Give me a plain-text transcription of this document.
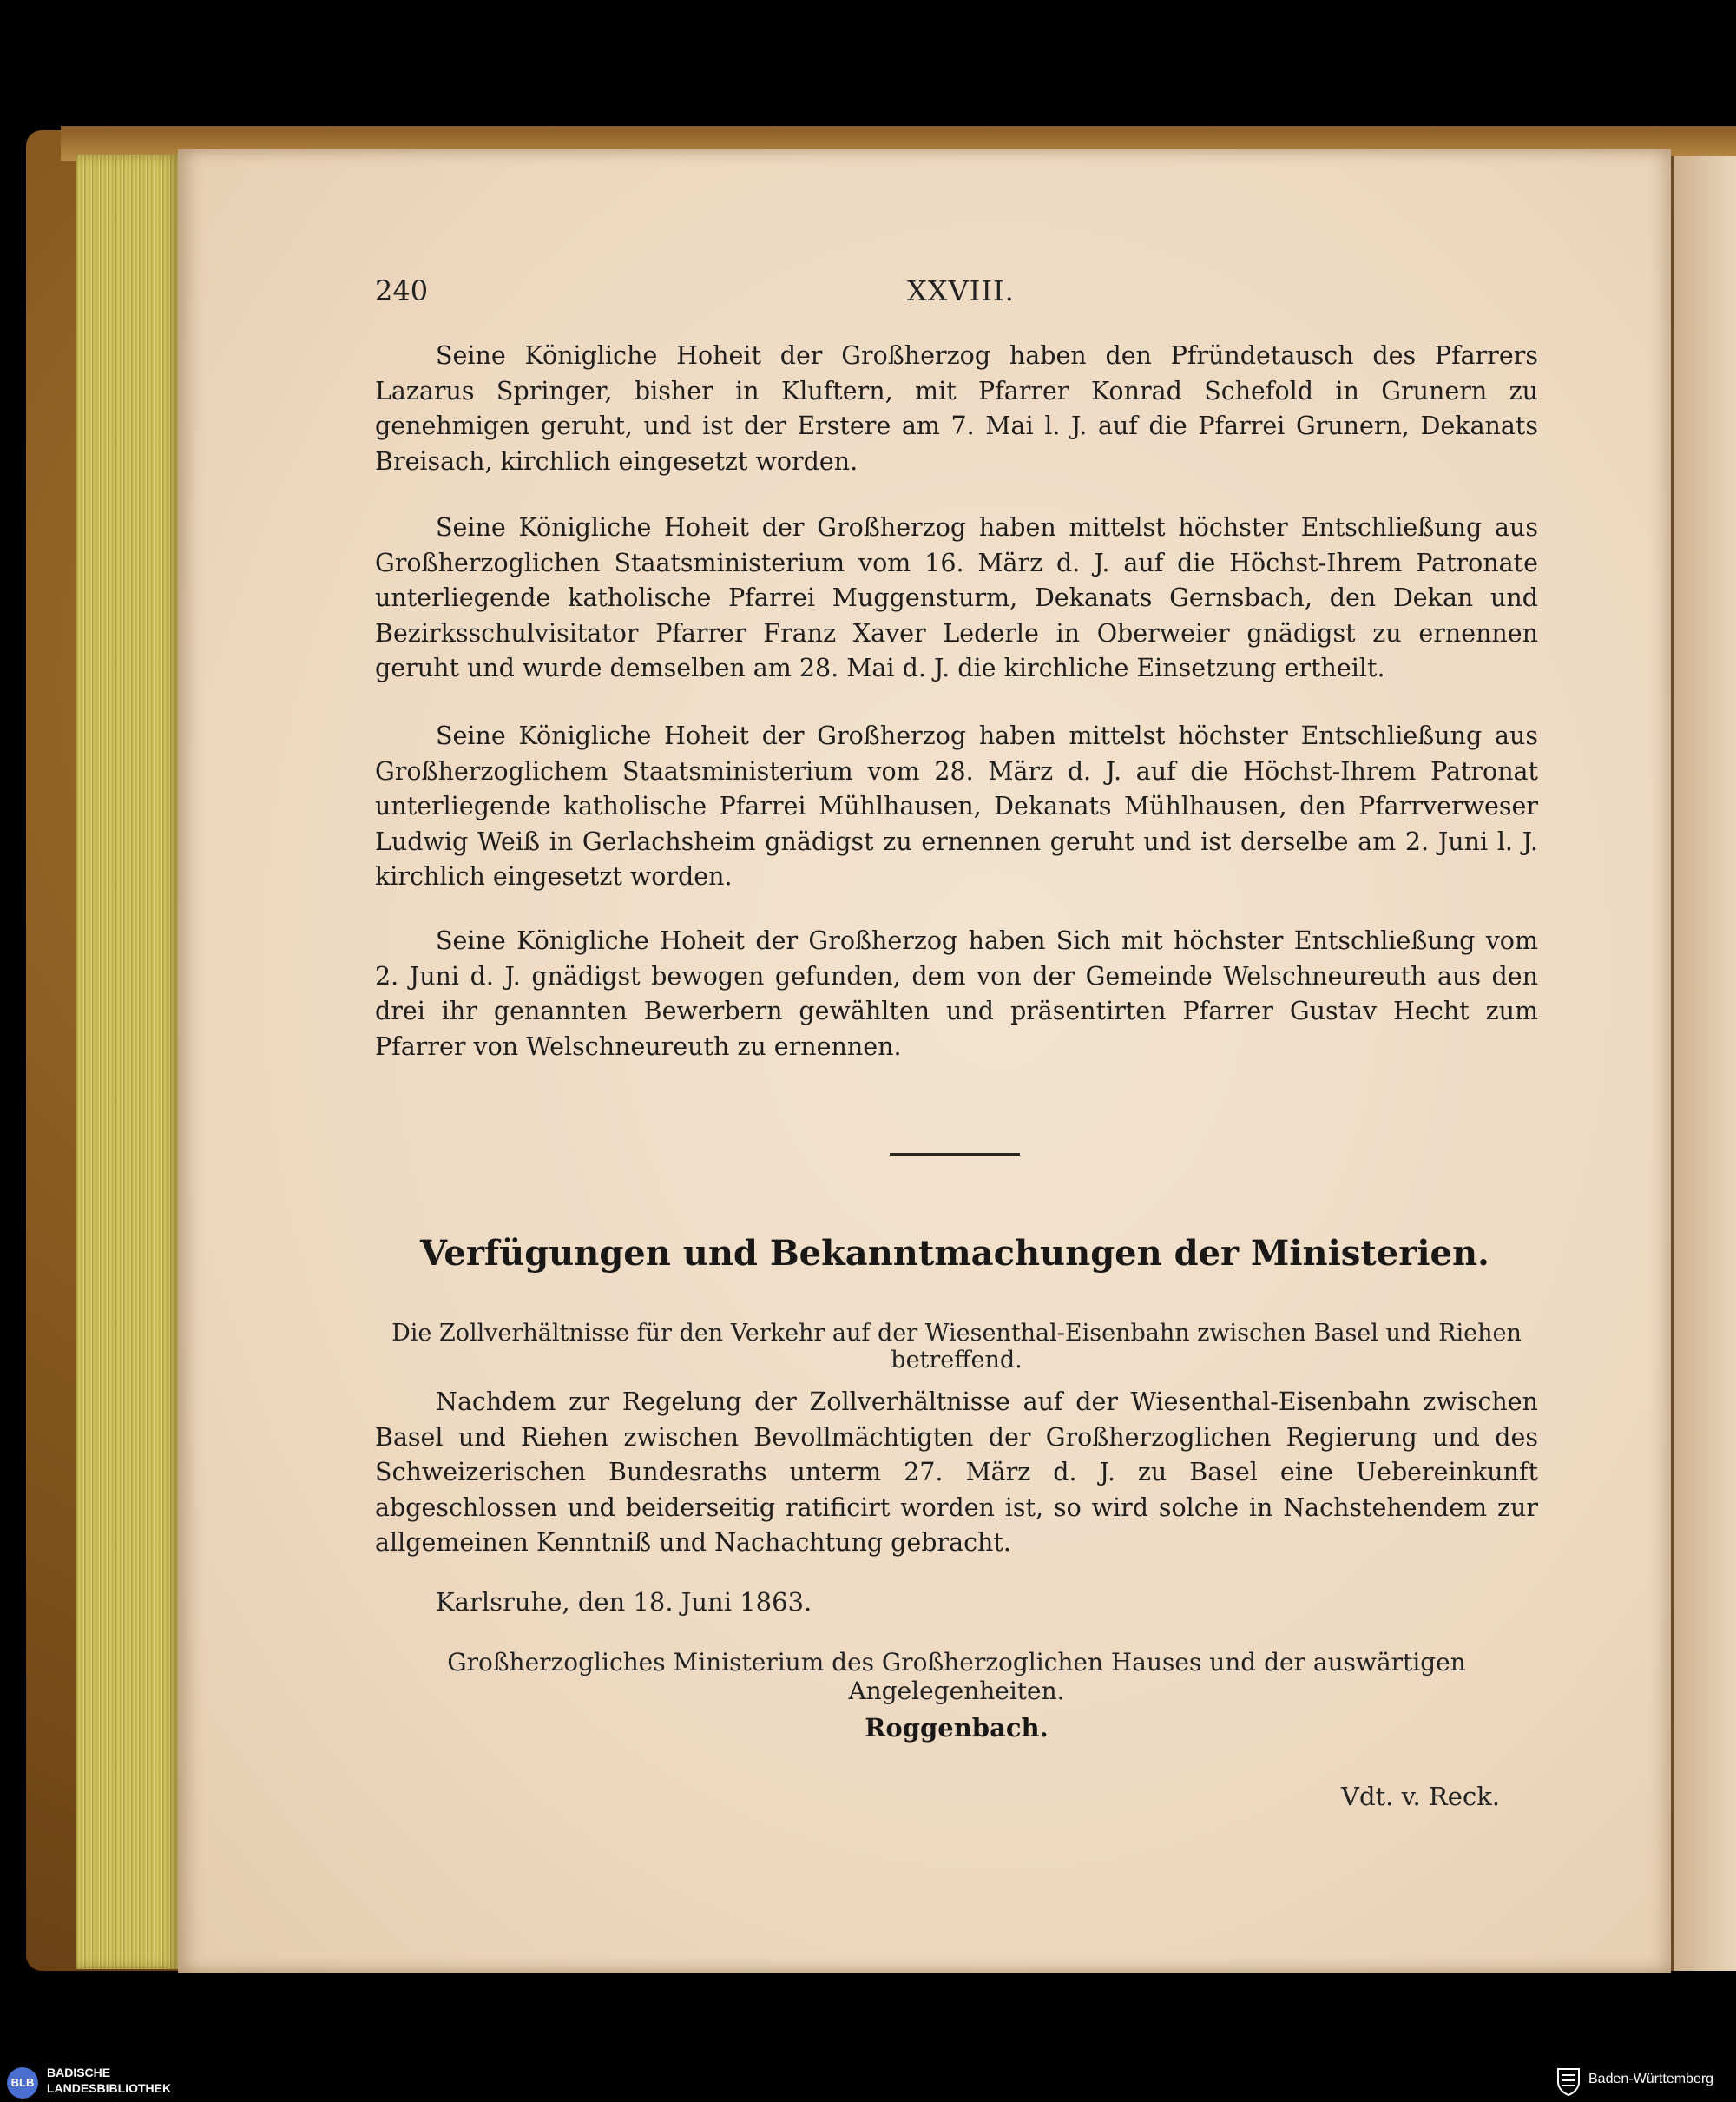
240	XXVIII.
Seine Königliche Hoheit der Großherzog haben den Pfründetausch des Pfarrers Lazarus Springer, bisher in Kluftern, mit Pfarrer Konrad Schefold in Grunern zu genehmigen geruht, und ist der Erstere am 7. Mai l. J. auf die Pfarrei Grunern, Dekanats Breisach, kirchlich eingesetzt worden.
Seine Königliche Hoheit der Großherzog haben mittelst höchster Entschließung aus Großherzoglichen Staatsministerium vom 16. März d. J. auf die Höchst-Ihrem Patronate unterliegende katholische Pfarrei Muggensturm, Dekanats Gernsbach, den Dekan und Bezirksschulvisitator Pfarrer Franz Xaver Lederle in Oberweier gnädigst zu ernennen geruht und wurde demselben am 28. Mai d. J. die kirchliche Einsetzung ertheilt.
Seine Königliche Hoheit der Großherzog haben mittelst höchster Entschließung aus Großherzoglichem Staatsministerium vom 28. März d. J. auf die Höchst-Ihrem Patronat unterliegende katholische Pfarrei Mühlhausen, Dekanats Mühlhausen, den Pfarrverweser Ludwig Weiß in Gerlachsheim gnädigst zu ernennen geruht und ist derselbe am 2. Juni l. J. kirchlich eingesetzt worden.
Seine Königliche Hoheit der Großherzog haben Sich mit höchster Entschließung vom 2. Juni d. J. gnädigst bewogen gefunden, dem von der Gemeinde Welschneureuth aus den drei ihr genannten Bewerbern gewählten und präsentirten Pfarrer Gustav Hecht zum Pfarrer von Welschneureuth zu ernennen.
Verfügungen und Bekanntmachungen der Ministerien.
Die Zollverhältnisse für den Verkehr auf der Wiesenthal-Eisenbahn zwischen Basel und Riehen betreffend.
Nachdem zur Regelung der Zollverhältnisse auf der Wiesenthal-Eisenbahn zwischen Basel und Riehen zwischen Bevollmächtigten der Großherzoglichen Regierung und des Schweizerischen Bundesraths unterm 27. März d. J. zu Basel eine Uebereinkunft abgeschlossen und beiderseitig ratificirt worden ist, so wird solche in Nachstehendem zur allgemeinen Kenntniß und Nachachtung gebracht.
Karlsruhe, den 18. Juni 1863.
Großherzogliches Ministerium des Großherzoglichen Hauses und der auswärtigen Angelegenheiten.
Roggenbach.
Vdt. v. Reck.
BLB
BADISCHE
LANDESBIBLIOTHEK
Baden-Württemberg
